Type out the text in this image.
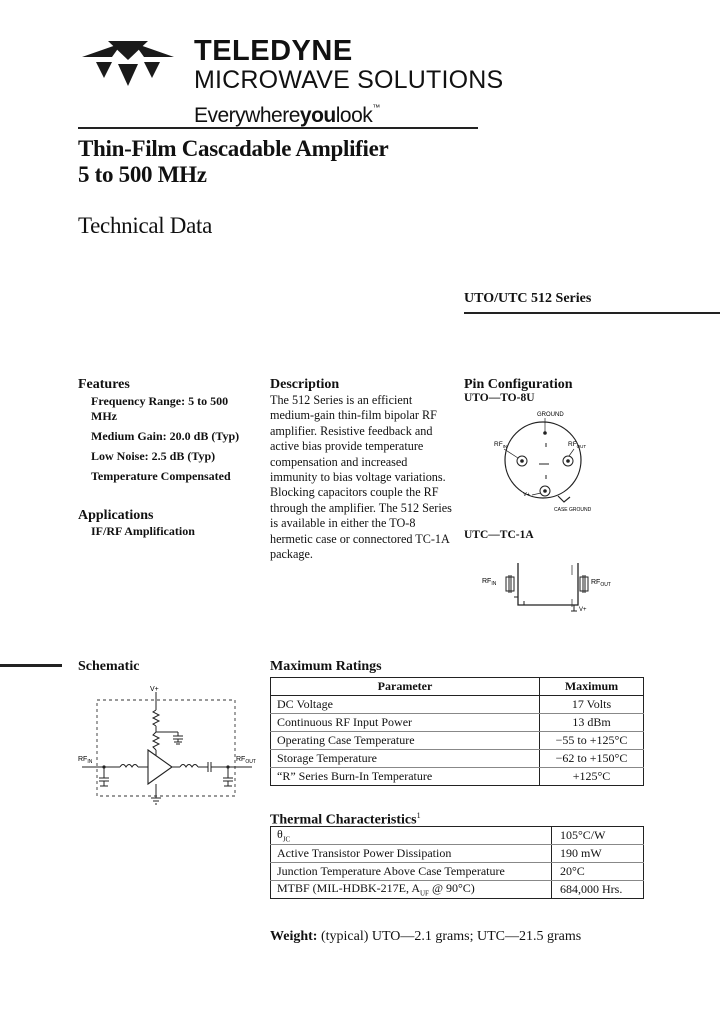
TELEDYNE
MICROWAVE SOLUTIONS
Everywhereyoulook™
Thin-Film Cascadable Amplifier
5 to 500 MHz
Technical Data
UTO/UTC 512 Series
Features
Frequency Range: 5 to 500 MHz
Medium Gain: 20.0 dB (Typ)
Low Noise: 2.5 dB (Typ)
Temperature Compensated
Applications
IF/RF Amplification
Description
The 512 Series is an efficient medium-gain thin-film bipolar RF amplifier. Resistive feedback and active bias provide temperature compensation and increased immunity to bias voltage variations. Blocking capacitors couple the RF through the amplifier. The 512 Series is available in either the TO-8 hermetic case or connectored TC-1A package.
Pin Configuration
UTO—TO-8U
GROUND
$RF_{IN}$	$RF_{OUT}$
V+
CASE GROUND
UTC—TC-1A
$RF_{IN}$	$RF_{OUT}$
V+
Schematic
V+
$RF_{IN}$	$RF_{OUT}$
Maximum Ratings
Parameter	Maximum
DC Voltage	17 Volts
Continuous RF Input Power	13 dBm
Operating Case Temperature	−55 to +125°C
Storage Temperature	−62 to +150°C
“R” Series Burn-In Temperature	+125°C
Thermal Characteristics$^1$
$\theta_{JC}$	105°C/W
Active Transistor Power Dissipation	190 mW
Junction Temperature Above Case Temperature	20°C
MTBF (MIL-HDBK-217E, $A_{UF}$ @ 90°C)	684,000 Hrs.
Weight: (typical) UTO—2.1 grams; UTC—21.5 grams
